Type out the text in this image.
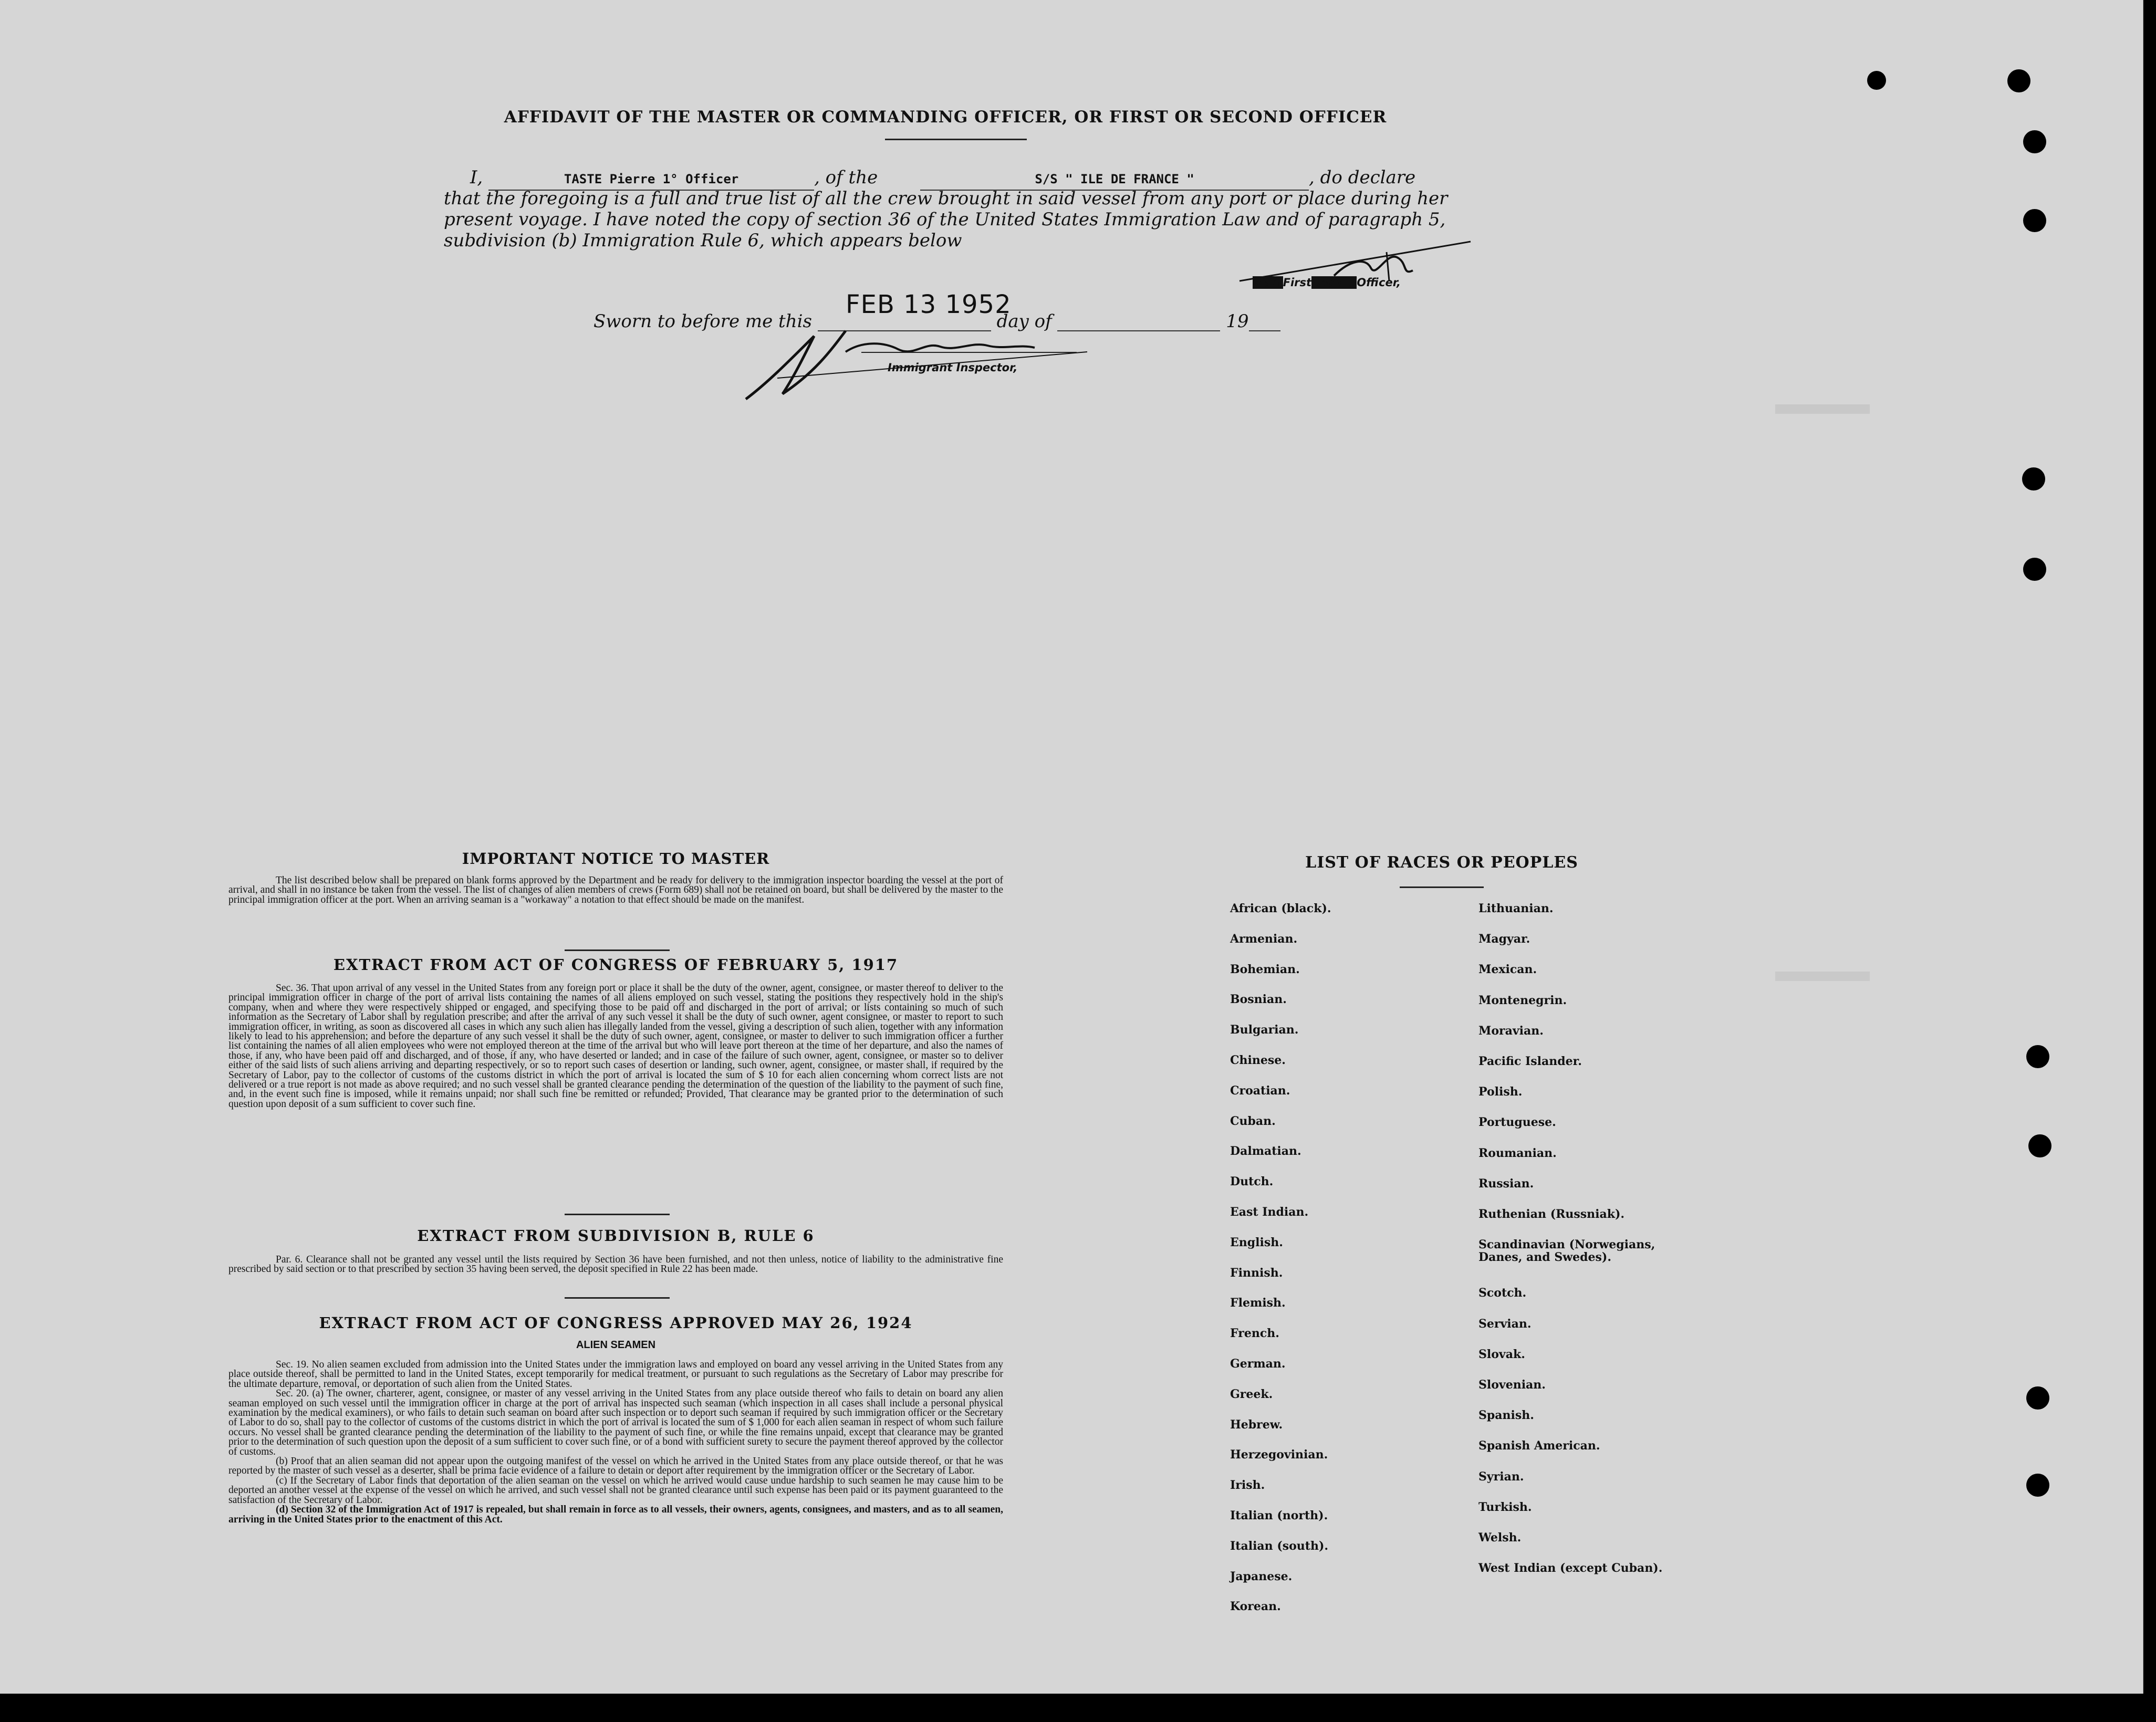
AFFIDAVIT OF THE MASTER OR COMMANDING OFFICER, OR FIRST OR SECOND OFFICER
I,	TASTE Pierre 1° Officer	, of the	S/S " ILE DE FRANCE "	, do declare
that the foregoing is a full and true list of all the crew brought in said vessel from any port or place during her
present voyage. I have noted the copy of section 36 of the United States Immigration Law and of paragraph 5,
subdivision (b) Immigration Rule 6, which appears below
MastFirstSecondOfficer,
Sworn to before me this	day of	19
FEB 13 1952
Immigrant Inspector,
IMPORTANT NOTICE TO MASTER
The list described below shall be prepared on blank forms approved by the Department and be ready for delivery to the immigration inspector boarding the vessel at the port of arrival, and shall in no instance be taken from the vessel. The list of changes of alien members of crews (Form 689) shall not be retained on board, but shall be delivered by the master to the principal immigration officer at the port. When an arriving seaman is a "workaway" a notation to that effect should be made on the manifest.
EXTRACT FROM ACT OF CONGRESS OF FEBRUARY 5, 1917
Sec. 36. That upon arrival of any vessel in the United States from any foreign port or place it shall be the duty of the owner, agent, consignee, or master thereof to deliver to the principal immigration officer in charge of the port of arrival lists containing the names of all aliens employed on such vessel, stating the positions they respectively hold in the ship's company, when and where they were respectively shipped or engaged, and specifying those to be paid off and discharged in the port of arrival; or lists containing so much of such information as the Secretary of Labor shall by regulation prescribe; and after the arrival of any such vessel it shall be the duty of such owner, agent consignee, or master to report to such immigration officer, in writing, as soon as discovered all cases in which any such alien has illegally landed from the vessel, giving a description of such alien, together with any information likely to lead to his apprehension; and before the departure of any such vessel it shall be the duty of such owner, agent, consignee, or master to deliver to such immigration officer a further list containing the names of all alien employees who were not employed thereon at the time of the arrival but who will leave port thereon at the time of her departure, and also the names of those, if any, who have been paid off and discharged, and of those, if any, who have deserted or landed; and in case of the failure of such owner, agent, consignee, or master so to deliver either of the said lists of such aliens arriving and departing respectively, or so to report such cases of desertion or landing, such owner, agent, consignee, or master shall, if required by the Secretary of Labor, pay to the collector of customs of the customs district in which the port of arrival is located the sum of $ 10 for each alien concerning whom correct lists are not delivered or a true report is not made as above required; and no such vessel shall be granted clearance pending the determination of the question of the liability to the payment of such fine, and, in the event such fine is imposed, while it remains unpaid; nor shall such fine be remitted or refunded; Provided, That clearance may be granted prior to the determination of such question upon deposit of a sum sufficient to cover such fine.
EXTRACT FROM SUBDIVISION B, RULE 6
Par. 6. Clearance shall not be granted any vessel until the lists required by Section 36 have been furnished, and not then unless, notice of liability to the administrative fine prescribed by said section or to that prescribed by section 35 having been served, the deposit specified in Rule 22 has been made.
EXTRACT FROM ACT OF CONGRESS APPROVED MAY 26, 1924
ALIEN SEAMEN

Sec. 19. No alien seamen excluded from admission into the United States under the immigration laws and employed on board any vessel arriving in the United States from any place outside thereof, shall be permitted to land in the United States, except temporarily for medical treatment, or pursuant to such regulations as the Secretary of Labor may prescribe for the ultimate departure, removal, or deportation of such alien from the United States.

Sec. 20. (a) The owner, charterer, agent, consignee, or master of any vessel arriving in the United States from any place outside thereof who fails to detain on board any alien seaman employed on such vessel until the immigration officer in charge at the port of arrival has inspected such seaman (which inspection in all cases shall include a personal physical examination by the medical examiners), or who fails to detain such seaman on board after such inspection or to deport such seaman if required by such immigration officer or the Secretary of Labor to do so, shall pay to the collector of customs of the customs district in which the port of arrival is located the sum of $ 1,000 for each alien seaman in respect of whom such failure occurs. No vessel shall be granted clearance pending the determination of the liability to the payment of such fine, or while the fine remains unpaid, except that clearance may be granted prior to the determination of such question upon the deposit of a sum sufficient to cover such fine, or of a bond with sufficient surety to secure the payment thereof approved by the collector of customs.

(b) Proof that an alien seaman did not appear upon the outgoing manifest of the vessel on which he arrived in the United States from any place outside thereof, or that he was reported by the master of such vessel as a deserter, shall be prima facie evidence of a failure to detain or deport after requirement by the immigration officer or the Secretary of Labor.

(c) If the Secretary of Labor finds that deportation of the alien seaman on the vessel on which he arrived would cause undue hardship to such seamen he may cause him to be deported an another vessel at the expense of the vessel on which he arrived, and such vessel shall not be granted clearance until such expense has been paid or its payment guaranteed to the satisfaction of the Secretary of Labor.

(d) Section 32 of the Immigration Act of 1917 is repealed, but shall remain in force as to all vessels, their owners, agents, consignees, and masters, and as to all seamen, arriving in the United States prior to the enactment of this Act.

LIST OF RACES OR PEOPLES
African (black).
Armenian.
Bohemian.
Bosnian.
Bulgarian.
Chinese.
Croatian.
Cuban.
Dalmatian.
Dutch.
East Indian.
English.
Finnish.
Flemish.
French.
German.
Greek.
Hebrew.
Herzegovinian.
Irish.
Italian (north).
Italian (south).
Japanese.
Korean.
Lithuanian.
Magyar.
Mexican.
Montenegrin.
Moravian.
Pacific Islander.
Polish.
Portuguese.
Roumanian.
Russian.
Ruthenian (Russniak).
Scandinavian (Norwegians, Danes, and Swedes).
Scotch.
Servian.
Slovak.
Slovenian.
Spanish.
Spanish American.
Syrian.
Turkish.
Welsh.
West Indian (except Cuban).
